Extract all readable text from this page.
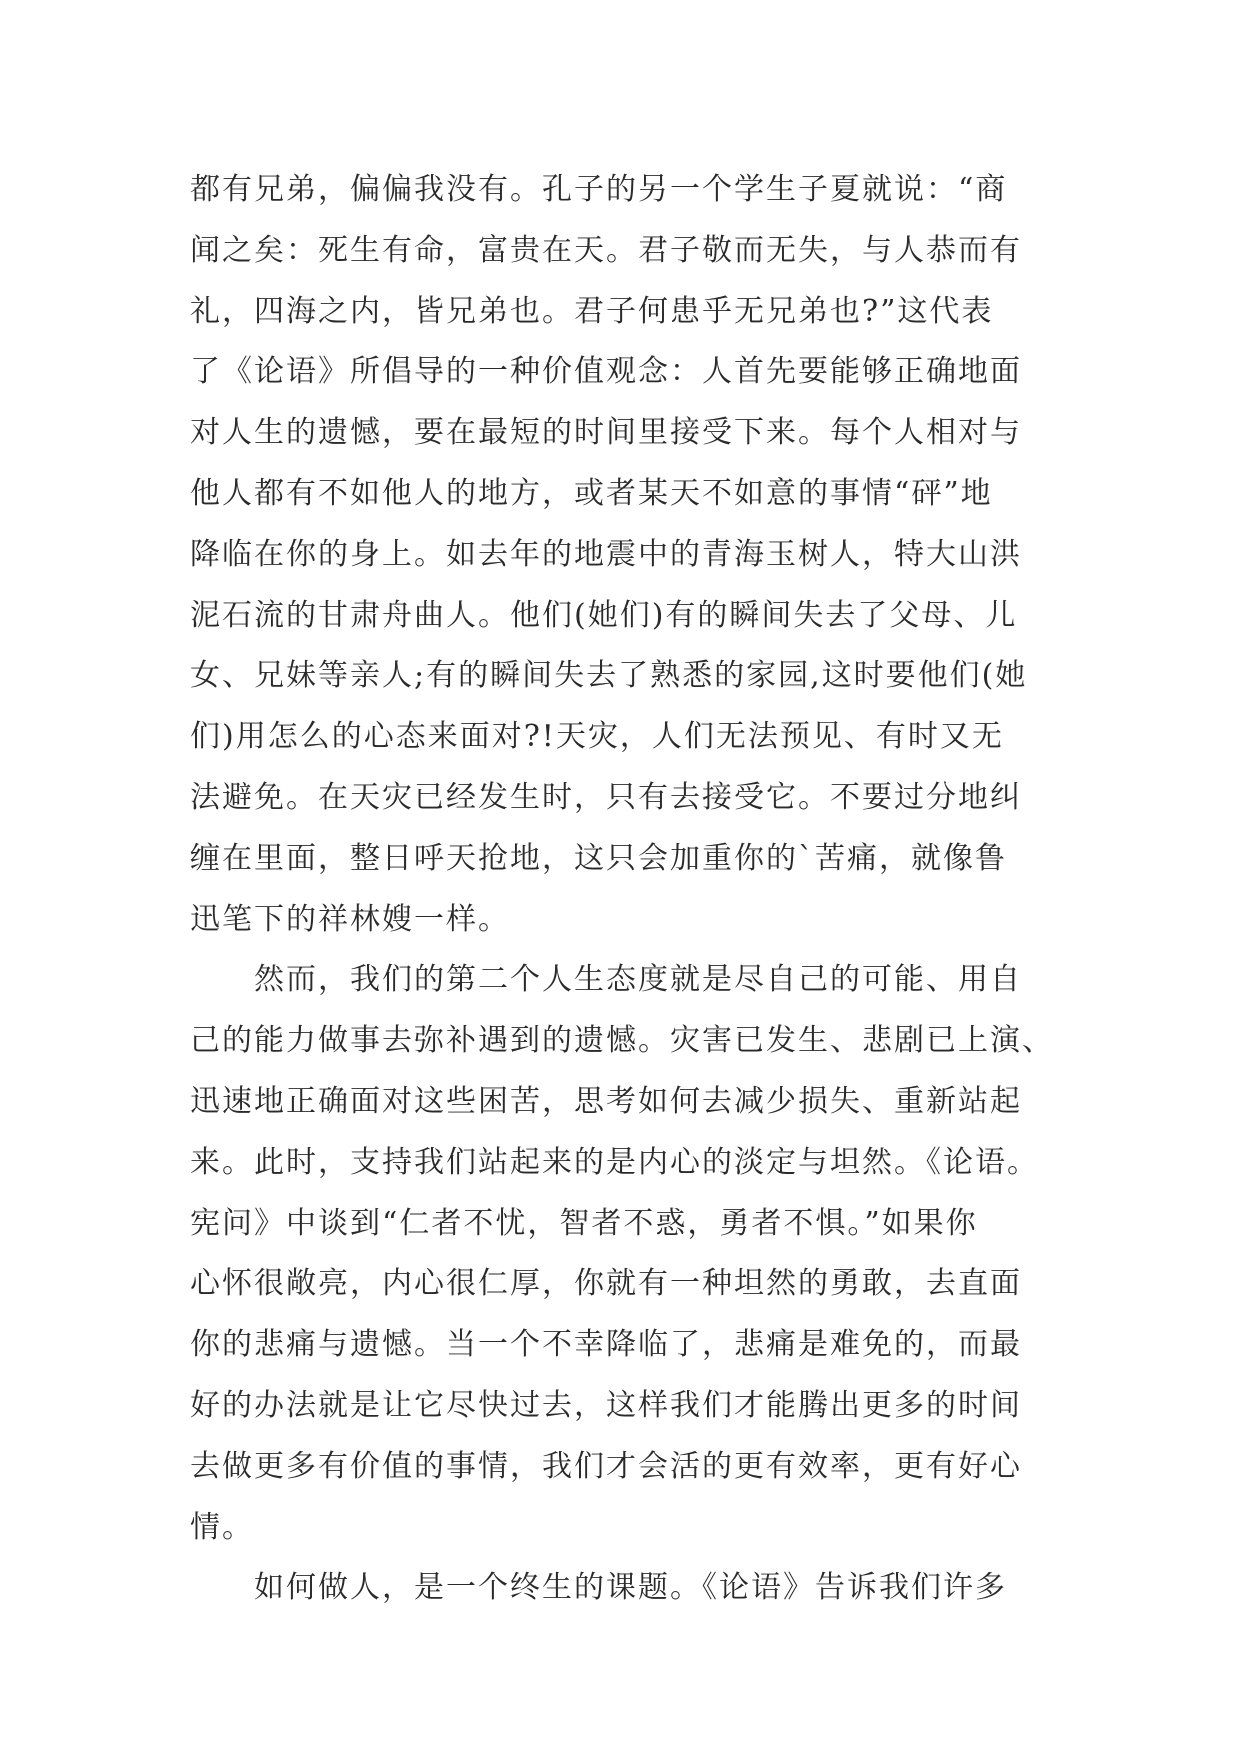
都有兄弟，偏偏我没有。孔子的另一个学生子夏就说：“商
闻之矣：死生有命，富贵在天。君子敬而无失，与人恭而有
礼，四海之内，皆兄弟也。君子何患乎无兄弟也?”这代表
了《论语》所倡导的一种价值观念：人首先要能够正确地面
对人生的遗憾，要在最短的时间里接受下来。每个人相对与
他人都有不如他人的地方，或者某天不如意的事情“砰”地
降临在你的身上。如去年的地震中的青海玉树人，特大山洪
泥石流的甘肃舟曲人。他们(她们)有的瞬间失去了父母、儿
女、兄妹等亲人;有的瞬间失去了熟悉的家园,这时要他们(她
们)用怎么的心态来面对?!天灾，人们无法预见、有时又无
法避免。在天灾已经发生时，只有去接受它。不要过分地纠
缠在里面，整日呼天抢地，这只会加重你的`苦痛，就像鲁
迅笔下的祥林嫂一样。
然而，我们的第二个人生态度就是尽自己的可能、用自
己的能力做事去弥补遇到的遗憾。灾害已发生、悲剧已上演、
迅速地正确面对这些困苦，思考如何去减少损失、重新站起
来。此时，支持我们站起来的是内心的淡定与坦然。《论语。
宪问》中谈到“仁者不忧，智者不惑，勇者不惧。”如果你
心怀很敞亮，内心很仁厚，你就有一种坦然的勇敢，去直面
你的悲痛与遗憾。当一个不幸降临了，悲痛是难免的，而最
好的办法就是让它尽快过去，这样我们才能腾出更多的时间
去做更多有价值的事情，我们才会活的更有效率，更有好心
情。
如何做人，是一个终生的课题。《论语》告诉我们许多
